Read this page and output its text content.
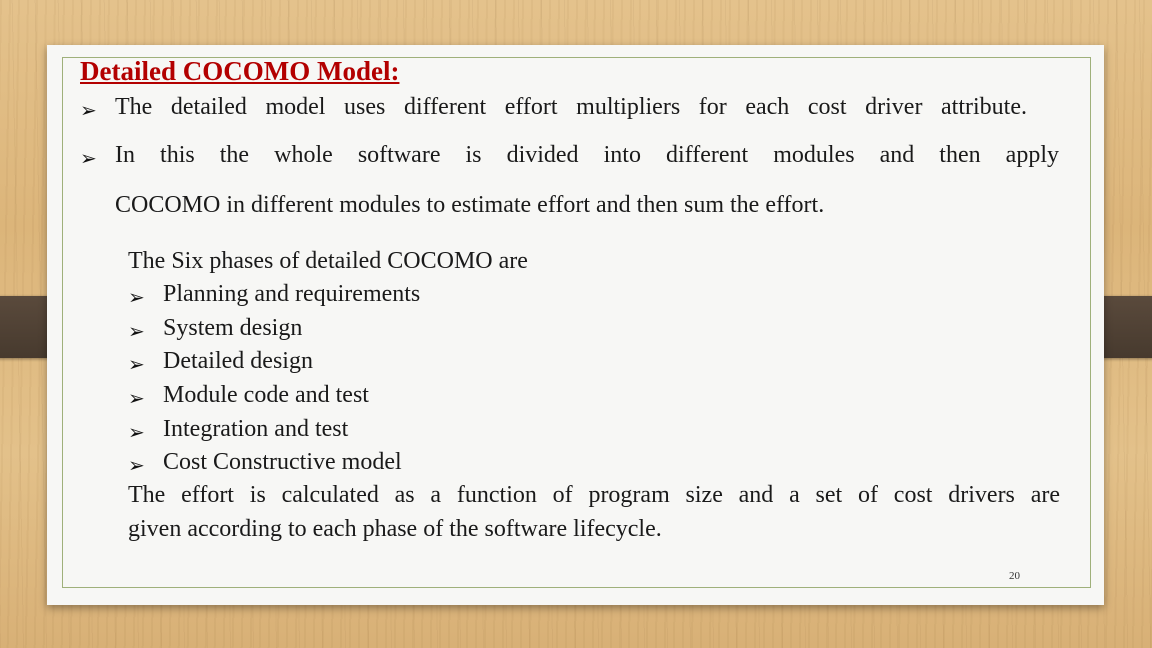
Detailed COCOMO Model:
➢ The detailed model uses different effort multipliers for each cost driver attribute.
➢ In this the whole software is divided into different modules and then apply
COCOMO in different modules to estimate effort and then sum the effort.
The Six phases of detailed COCOMO are
➢ Planning and requirements
➢ System design
➢ Detailed design
➢ Module code and test
➢ Integration and test
➢ Cost Constructive model
The effort is calculated as a function of program size and a set of cost drivers are
given according to each phase of the software lifecycle.
20
